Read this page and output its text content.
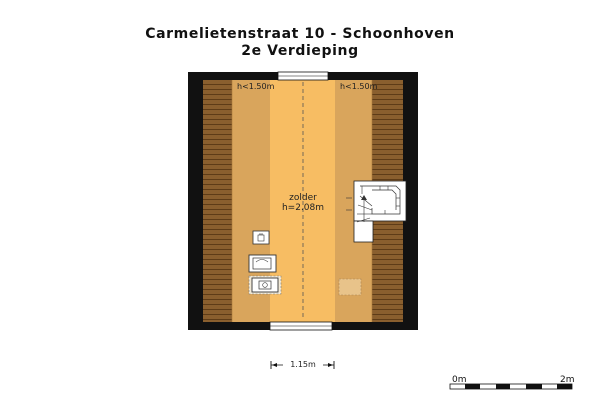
Carmelietenstraat 10 - Schoonhoven
2e Verdieping
h<1.50m	h<1.50m
zolder
h=2.08m
1.15m
0m	2m
